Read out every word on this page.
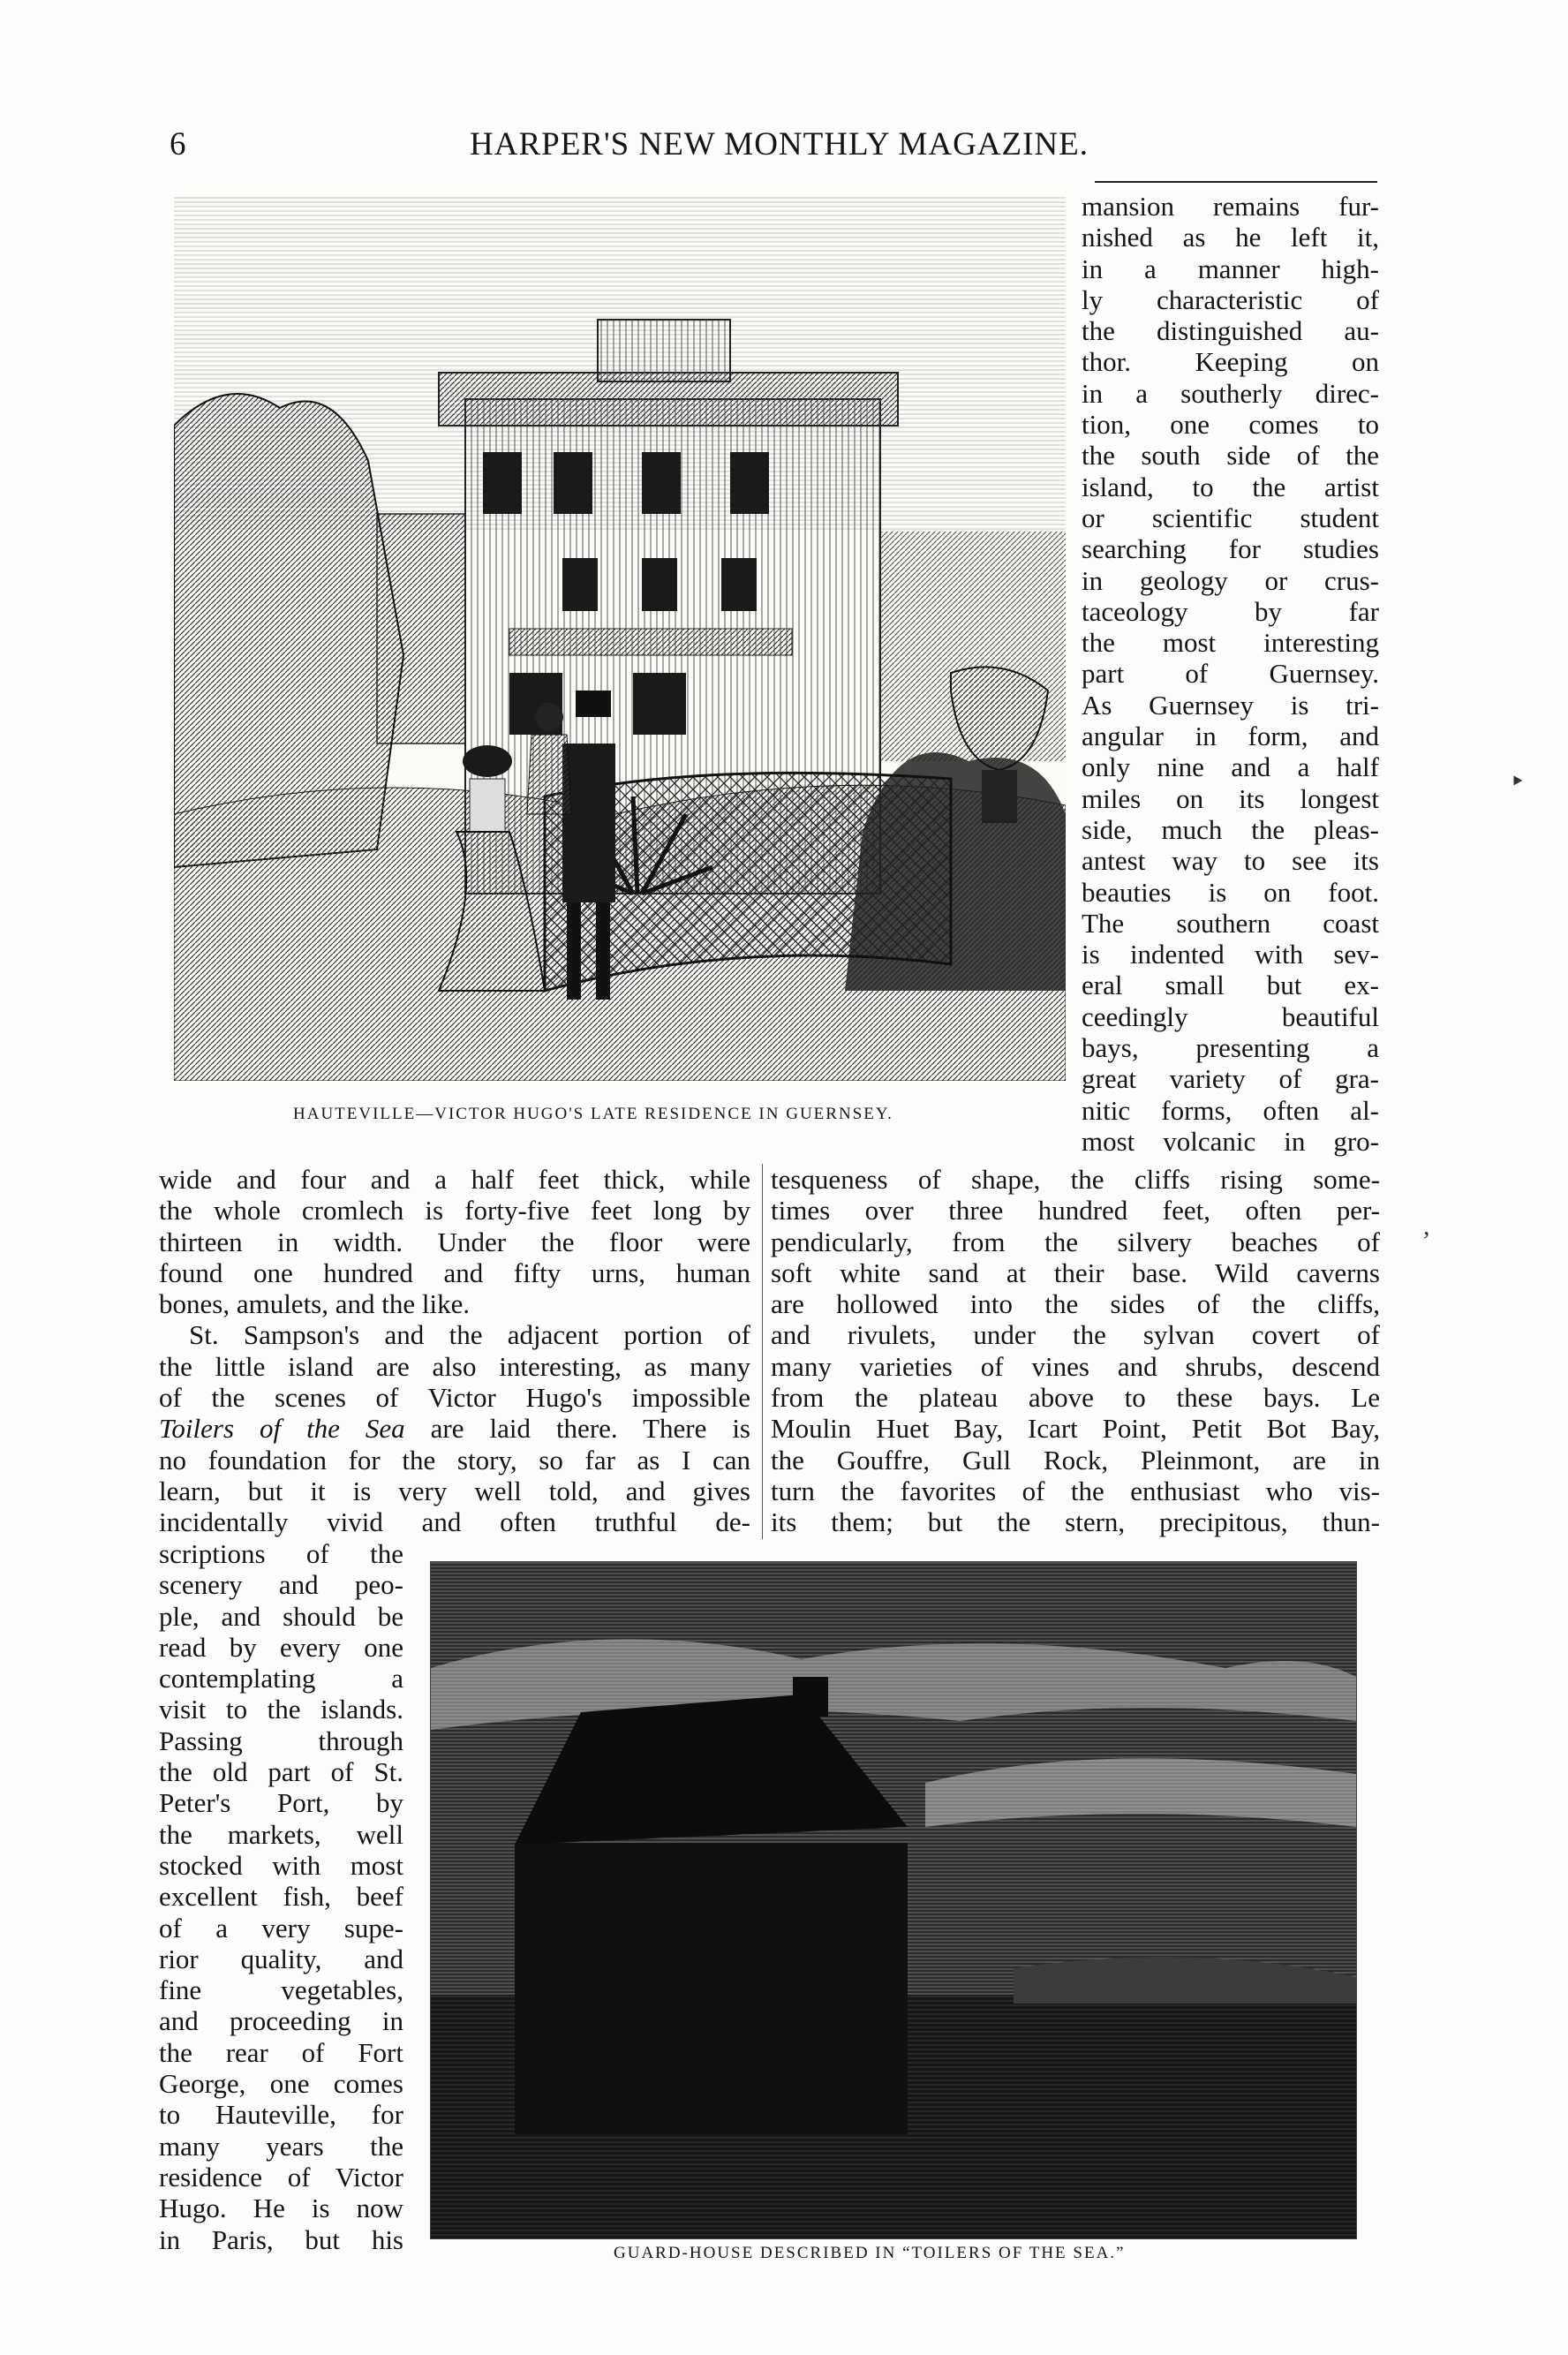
6	HARPER'S NEW MONTHLY MAGAZINE.
HAUTEVILLE—VICTOR HUGO'S LATE RESIDENCE IN GUERNSEY.
mansion remains fur-
nished as he left it,
in a manner high-
ly characteristic of
the distinguished au-
thor. Keeping on
in a southerly direc-
tion, one comes to
the south side of the
island, to the artist
or scientific student
searching for studies
in geology or crus-
taceology by far
the most interesting
part of Guernsey.
As Guernsey is tri-
angular in form, and
only nine and a half
miles on its longest
side, much the pleas-
antest way to see its
beauties is on foot.
The southern coast
is indented with sev-
eral small but ex-
ceedingly beautiful
bays, presenting a
great variety of gra-
nitic forms, often al-
most volcanic in gro-
wide and four and a half feet thick, while
the whole cromlech is forty-five feet long by
thirteen in width. Under the floor were
found one hundred and fifty urns, human
bones, amulets, and the like.
St. Sampson's and the adjacent portion of
the little island are also interesting, as many
of the scenes of Victor Hugo's impossible
Toilers of the Sea are laid there. There is
no foundation for the story, so far as I can
learn, but it is very well told, and gives
incidentally vivid and often truthful de-
tesqueness of shape, the cliffs rising some-
times over three hundred feet, often per-
pendicularly, from the silvery beaches of
soft white sand at their base. Wild caverns
are hollowed into the sides of the cliffs,
and rivulets, under the sylvan covert of
many varieties of vines and shrubs, descend
from the plateau above to these bays. Le
Moulin Huet Bay, Icart Point, Petit Bot Bay,
the Gouffre, Gull Rock, Pleinmont, are in
turn the favorites of the enthusiast who vis-
its them; but the stern, precipitous, thun-
scriptions of the
scenery and peo-
ple, and should be
read by every one
contemplating a
visit to the islands.
Passing through
the old part of St.
Peter's Port, by
the markets, well
stocked with most
excellent fish, beef
of a very supe-
rior quality, and
fine vegetables,
and proceeding in
the rear of Fort
George, one comes
to Hauteville, for
many years the
residence of Victor
Hugo. He is now
in Paris, but his	GUARD-HOUSE DESCRIBED IN “TOILERS OF THE SEA.”
‣
,
